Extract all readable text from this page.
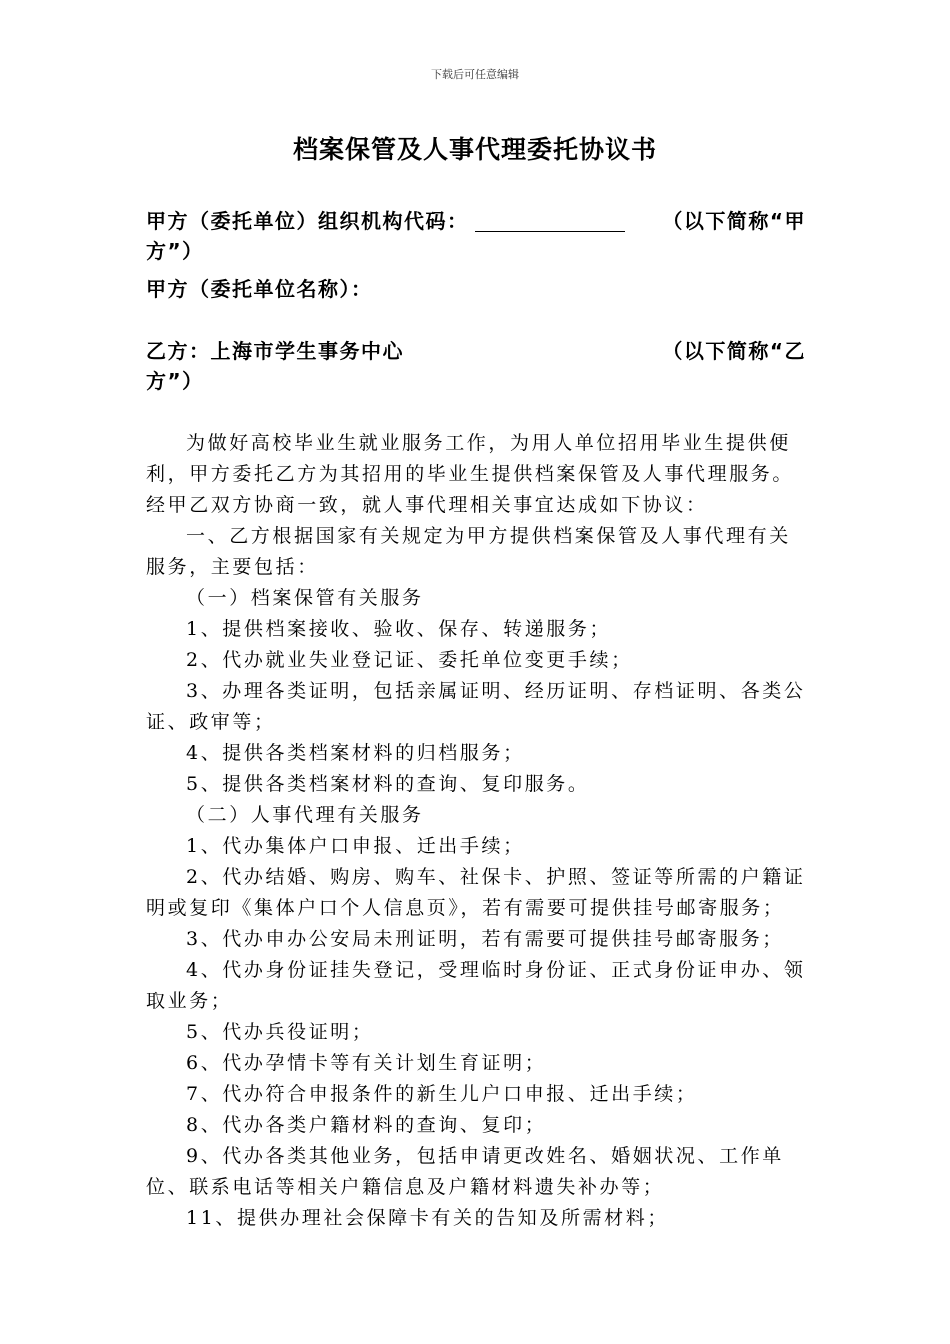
下载后可任意编辑
档案保管及人事代理委托协议书
甲方（委托单位）组织机构代码：	（以下简称“甲
方”）
甲方（委托单位名称）：
乙方：上海市学生事务中心	（以下简称“乙
方”）

为做好高校毕业生就业服务工作，为用人单位招用毕业生提供便利，甲方委托乙方为其招用的毕业生提供档案保管及人事代理服务。经甲乙双方协商一致，就人事代理相关事宜达成如下协议：

一、乙方根据国家有关规定为甲方提供档案保管及人事代理有关服务，主要包括：

（一）档案保管有关服务

1、提供档案接收、验收、保存、转递服务；

2、代办就业失业登记证、委托单位变更手续；

3、办理各类证明，包括亲属证明、经历证明、存档证明、各类公证、政审等；

4、提供各类档案材料的归档服务；

5、提供各类档案材料的查询、复印服务。

（二）人事代理有关服务

1、代办集体户口申报、迁出手续；

2、代办结婚、购房、购车、社保卡、护照、签证等所需的户籍证明或复印《集体户口个人信息页》，若有需要可提供挂号邮寄服务；

3、代办申办公安局未刑证明，若有需要可提供挂号邮寄服务；

4、代办身份证挂失登记，受理临时身份证、正式身份证申办、领取业务；

5、代办兵役证明；

6、代办孕情卡等有关计划生育证明；

7、代办符合申报条件的新生儿户口申报、迁出手续；

8、代办各类户籍材料的查询、复印；

9、代办各类其他业务，包括申请更改姓名、婚姻状况、工作单位、联系电话等相关户籍信息及户籍材料遗失补办等；

11、提供办理社会保障卡有关的告知及所需材料；
